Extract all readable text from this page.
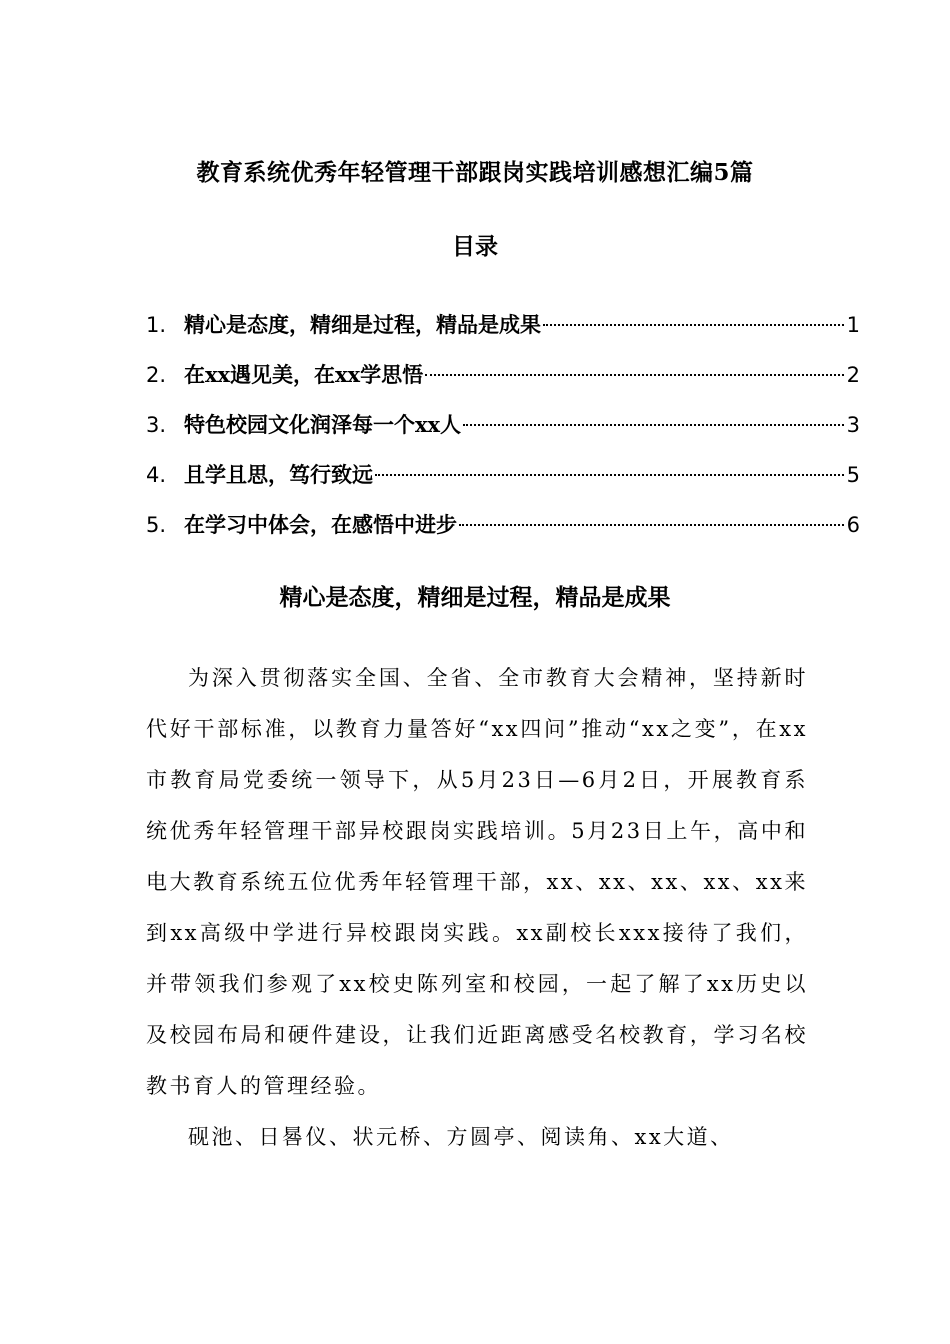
教育系统优秀年轻管理干部跟岗实践培训感想汇编5篇
目录
1. 精心是态度，精细是过程，精品是成果	1
2. 在xx遇见美，在xx学思悟	2
3. 特色校园文化润泽每一个xx人	3
4. 且学且思，笃行致远	5
5. 在学习中体会，在感悟中进步	6
精心是态度，精细是过程，精品是成果

为深入贯彻落实全国、全省、全市教育大会精神，坚持新时代好干部标准，以教育力量答好“xx四问”推动“xx之变”，在xx市教育局党委统一领导下，从5月23日—6月2日，开展教育系统优秀年轻管理干部异校跟岗实践培训。5月23日上午，高中和电大教育系统五位优秀年轻管理干部，xx、xx、xx、xx、xx来到xx高级中学进行异校跟岗实践。xx副校长xxx接待了我们，并带领我们参观了xx校史陈列室和校园，一起了解了xx历史以及校园布局和硬件建设，让我们近距离感受名校教育，学习名校教书育人的管理经验。

砚池、日晷仪、状元桥、方圆亭、阅读角、xx大道、
